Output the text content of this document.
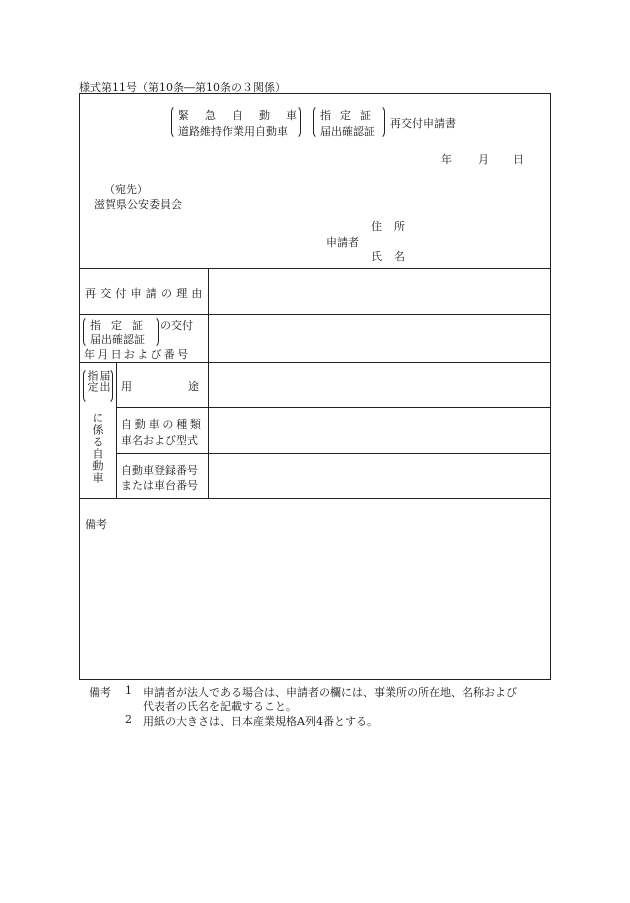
様式第11号（第10条―第10条の３関係）
緊急自動車
道路維持作業用自動車
指定証
届出確認証
再交付申請書
年 月 日
（宛先）
滋賀県公安委員会
住所
申請者
氏名
再交付申請の理由
指定証
届出確認証
の交付
年月日および番号
届出
指定
に係る自動車
用途
自動車の種類
車名および型式
自動車登録番号
または車台番号
備考
備考 1 申請者が法人である場合は、申請者の欄には、事業所の所在地、名称および
代表者の氏名を記載すること。
2 用紙の大きさは、日本産業規格A列4番とする。
